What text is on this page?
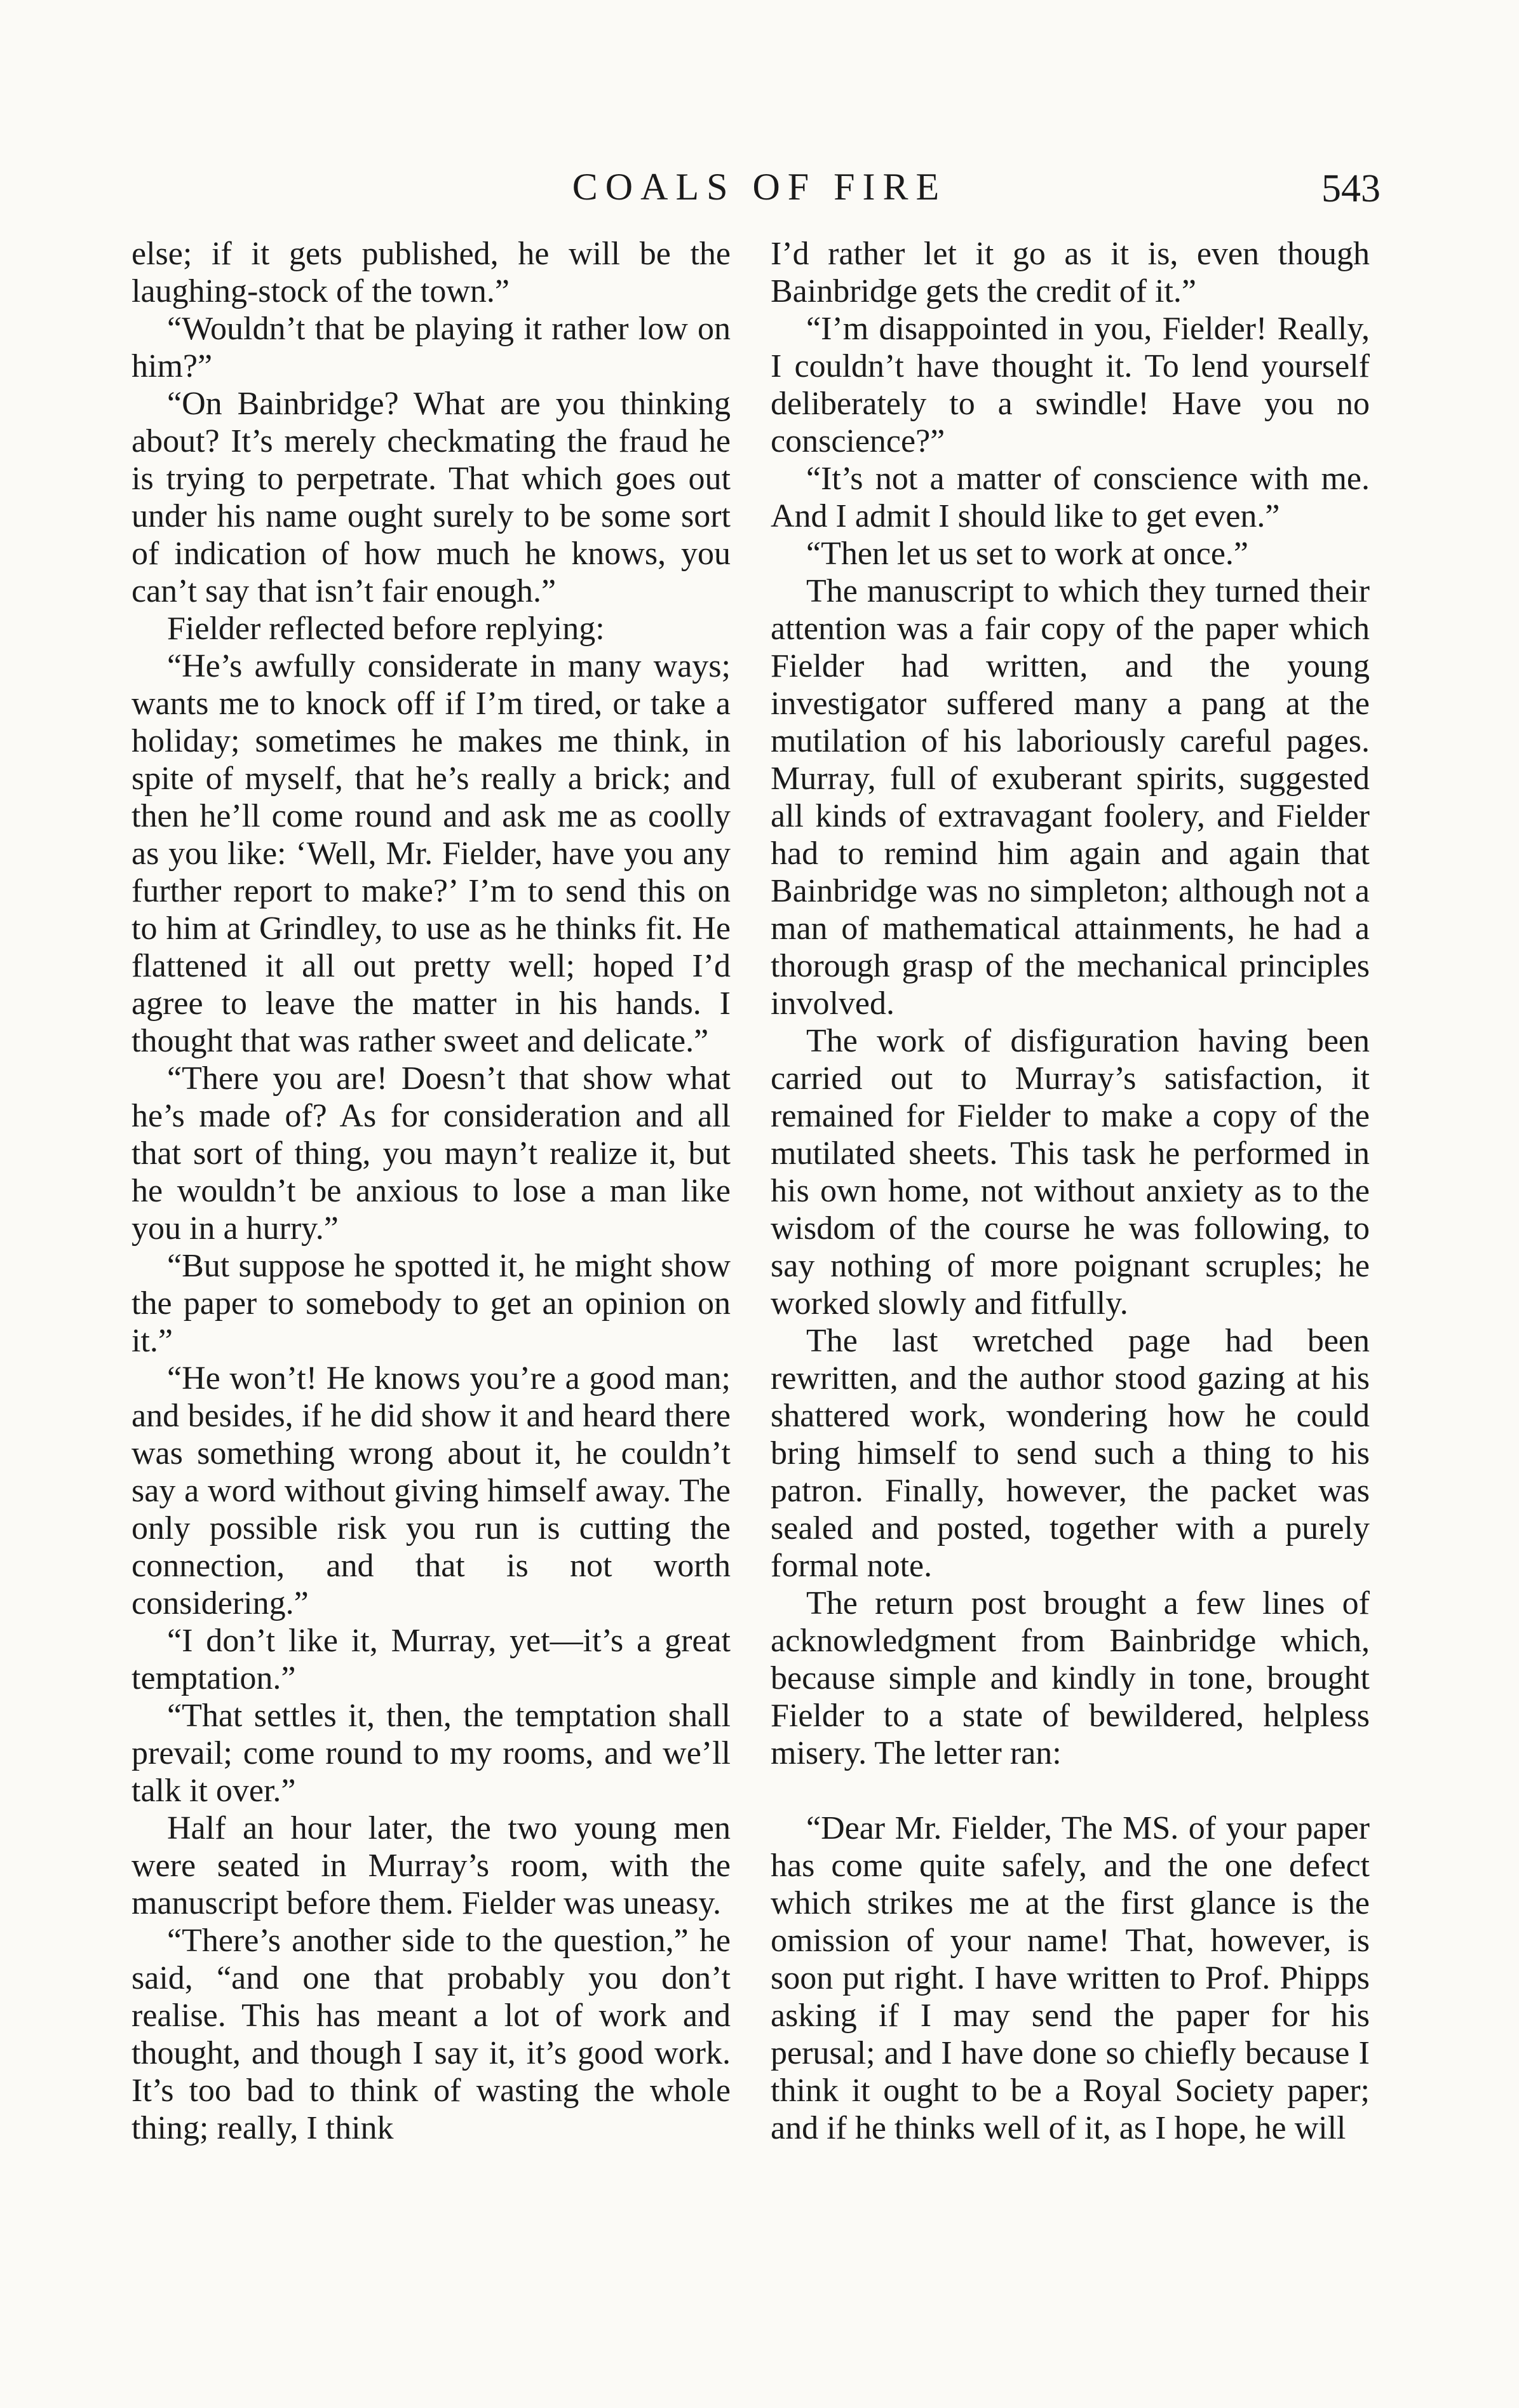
COALS OF FIRE	543

else; if it gets published, he will be the laughing-stock of the town.”

“Wouldn’t that be playing it rather low on him?”

“On Bainbridge? What are you thinking about? It’s merely checkmating the fraud he is trying to perpetrate. That which goes out under his name ought surely to be some sort of indication of how much he knows, you can’t say that isn’t fair enough.”

Fielder reflected before replying:

“He’s awfully considerate in many ways; wants me to knock off if I’m tired, or take a holiday; sometimes he makes me think, in spite of myself, that he’s really a brick; and then he’ll come round and ask me as coolly as you like: ‘Well, Mr. Fielder, have you any further report to make?’ I’m to send this on to him at Grindley, to use as he thinks fit. He flattened it all out pretty well; hoped I’d agree to leave the matter in his hands. I thought that was rather sweet and delicate.”

“There you are! Doesn’t that show what he’s made of? As for consideration and all that sort of thing, you mayn’t realize it, but he wouldn’t be anxious to lose a man like you in a hurry.”

“But suppose he spotted it, he might show the paper to somebody to get an opinion on it.”

“He won’t! He knows you’re a good man; and besides, if he did show it and heard there was something wrong about it, he couldn’t say a word without giving himself away. The only possible risk you run is cutting the connection, and that is not worth considering.”

“I don’t like it, Murray, yet—it’s a great temptation.”

“That settles it, then, the temptation shall prevail; come round to my rooms, and we’ll talk it over.”

Half an hour later, the two young men were seated in Murray’s room, with the manuscript before them. Fielder was uneasy.

“There’s another side to the question,” he said, “and one that probably you don’t realise. This has meant a lot of work and thought, and though I say it, it’s good work. It’s too bad to think of wasting the whole thing; really, I think

I’d rather let it go as it is, even though Bainbridge gets the credit of it.”

“I’m disappointed in you, Fielder! Really, I couldn’t have thought it. To lend yourself deliberately to a swindle! Have you no conscience?”

“It’s not a matter of conscience with me. And I admit I should like to get even.”

“Then let us set to work at once.”

The manuscript to which they turned their attention was a fair copy of the paper which Fielder had written, and the young investigator suffered many a pang at the mutilation of his laboriously careful pages. Murray, full of exuberant spirits, suggested all kinds of extravagant foolery, and Fielder had to remind him again and again that Bainbridge was no simpleton; although not a man of mathematical attainments, he had a thorough grasp of the mechanical principles involved.

The work of disfiguration having been carried out to Murray’s satisfaction, it remained for Fielder to make a copy of the mutilated sheets. This task he performed in his own home, not without anxiety as to the wisdom of the course he was following, to say nothing of more poignant scruples; he worked slowly and fitfully.

The last wretched page had been rewritten, and the author stood gazing at his shattered work, wondering how he could bring himself to send such a thing to his patron. Finally, however, the packet was sealed and posted, together with a purely formal note.

The return post brought a few lines of acknowledgment from Bainbridge which, because simple and kindly in tone, brought Fielder to a state of bewildered, helpless misery. The letter ran:

“Dear Mr. Fielder, The MS. of your paper has come quite safely, and the one defect which strikes me at the first glance is the omission of your name! That, however, is soon put right. I have written to Prof. Phipps asking if I may send the paper for his perusal; and I have done so chiefly because I think it ought to be a Royal Society paper; and if he thinks well of it, as I hope, he will
